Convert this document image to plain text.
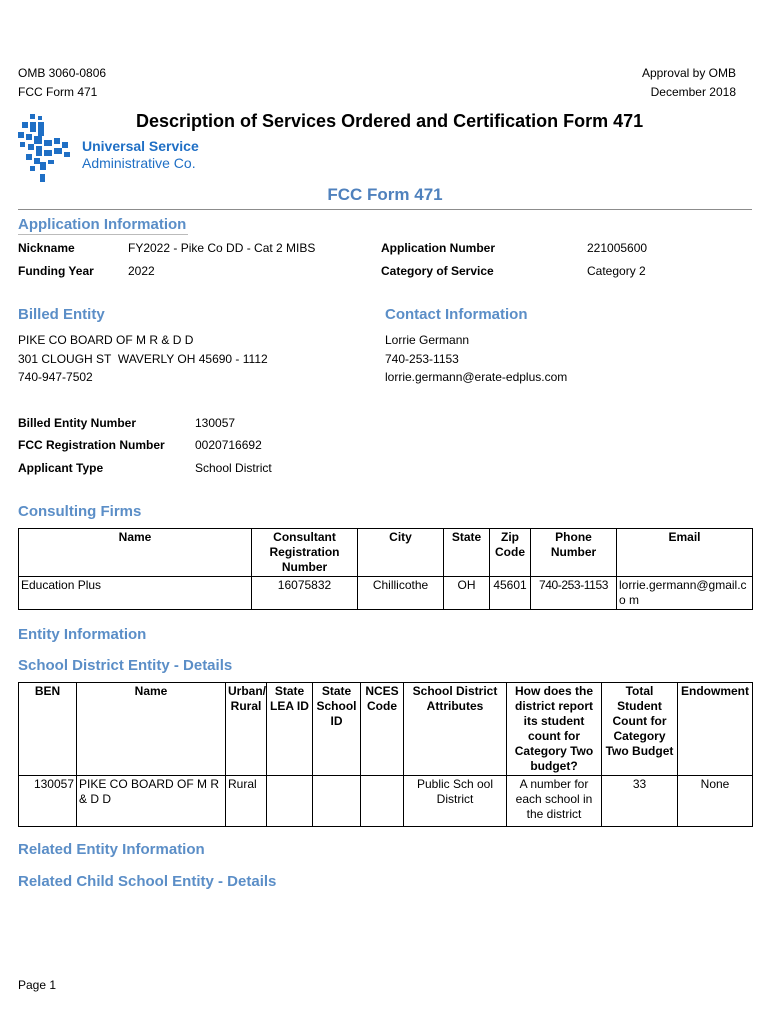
OMB 3060-0806
FCC Form 471
Approval by OMB
December 2018
Description of Services Ordered and Certification Form 471
Universal Service
Administrative Co.
FCC Form 471
Application Information
Nickname	FY2022 - Pike Co DD - Cat 2 MIBS	Application Number	221005600
Funding Year	2022	Category of Service	Category 2
Billed Entity	Contact Information
PIKE CO BOARD OF M R & D D
301 CLOUGH ST  WAVERLY OH 45690 - 1112
740-947-7502
Lorrie Germann
740-253-1153
lorrie.germann@erate-edplus.com
Billed Entity Number	130057
FCC Registration Number	0020716692
Applicant Type	School District
Consulting Firms
Name	Consultant Registration Number	City	State	Zip Code	Phone Number	Email
Education Plus	16075832	Chillicothe	OH	45601	740-253-1153	lorrie.germann@gmail.co m
Entity Information
School District Entity - Details
BEN	Name	Urban/ Rural	State LEA ID	State School ID	NCES Code	School District Attributes	How does the district report its student count for Category Two budget?	Total Student Count for Category Two Budget	Endowment
130057	PIKE CO BOARD OF M R & D D	Rural				Public Sch ool District	A number for each school in the district	33	None
Related Entity Information
Related Child School Entity - Details
Page 1
